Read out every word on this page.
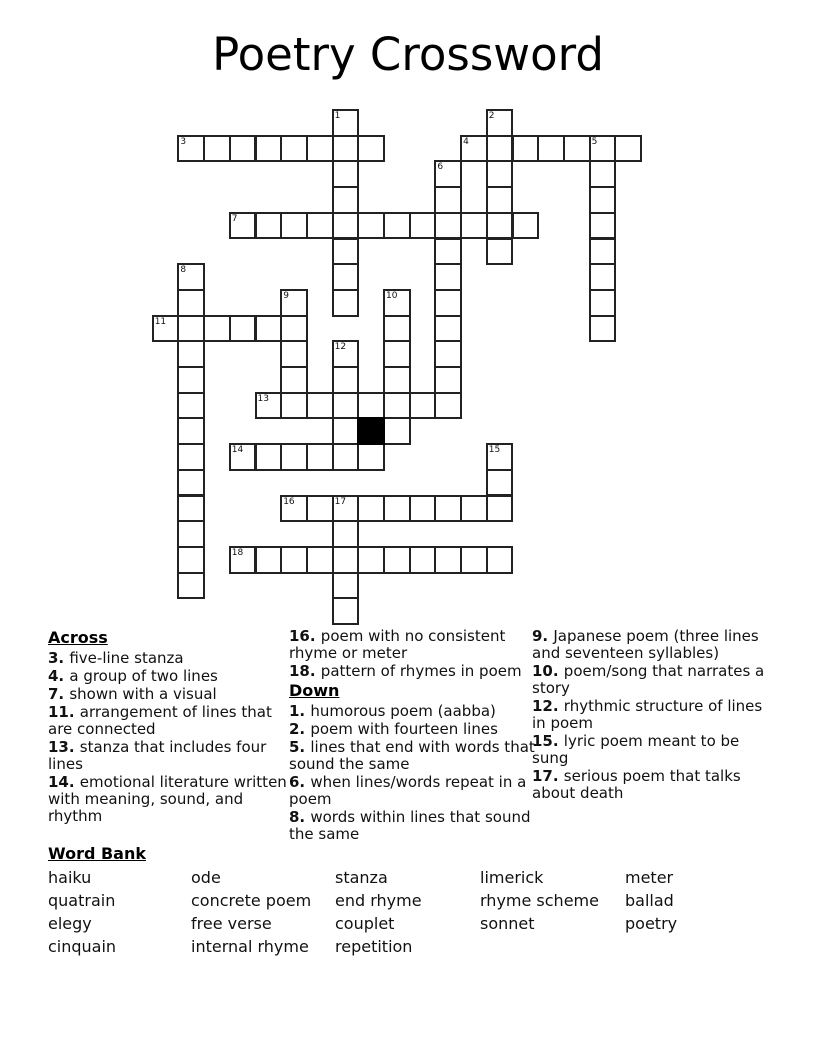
Poetry Crossword
1	2
3	4	5
6
7
8
9	10
11
12
13
14	15
16	17
18
Across

3. five-line stanza

4. a group of two lines

7. shown with a visual

11. arrangement of lines that are connected

13. stanza that includes four lines

14. emotional literature written with meaning, sound, and rhythm

16. poem with no consistent rhyme or meter

18. pattern of rhymes in poem

Down

1. humorous poem (aabba)

2. poem with fourteen lines

5. lines that end with words that sound the same

6. when lines/words repeat in a poem

8. words within lines that sound the same

9. Japanese poem (three lines and seventeen syllables)

10. poem/song that narrates a story

12. rhythmic structure of lines in poem

15. lyric poem meant to be sung

17. serious poem that talks about death

Word Bank

haiku

quatrain

elegy

cinquain

ode

concrete poem

free verse

internal rhyme

stanza

end rhyme

couplet

repetition

limerick

rhyme scheme

sonnet

meter

ballad

poetry
